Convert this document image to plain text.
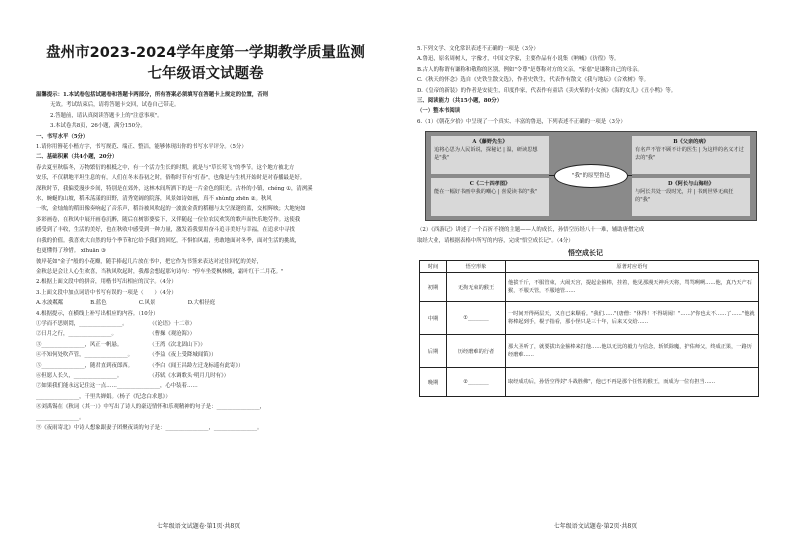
盘州市2023-2024学年度第一学期教学质量监测

七年级语文试题卷

温馨提示：1.本试卷包括试题卷和答题卡两部分，所有答案必须填写在答题卡上规定的位置，否则
无效。考试结束后，请将答题卡交回，试卷自己带走。
2.答题前，请认真阅读答题卡上的"注意事项"。
3.本试卷共8页，26小题，满分150分。
一、书写水平（5分）
1.请你用簪花小楷方字，书写规范、端正、整洁，能够体现出你的书写水平评分。（5分）
二、基础积累（共4小题，20分）
春去夏至秋临冬，万物繁衍的根柢之中，有一个活力生长的时期，就是与"草长莺飞"的季节。这个地方被北方
安乐，不仅耕地平坦生息的有，人们在冬末春初之时，俗称时节有"打春"，也像是与生机开始时是对春播最是好。
深秋时节，我偏爱漫步乡间，特别是在郊外，这林木间所洒下的是一片金色的阳光。古朴的小镇，chéng ①，清冽溪
水，蜿蜒的山坡，稻禾荡漾的田野，清秀宽阔的院落，风景如诗如画，真不 shùnfg zhēn ②。秋风
一吹，金灿灿的稻田像奏响起了音乐声，稻谷被风吹起的一波波金黄的稻穗与太空深邃的蓝，交相辉映；大地宛如
多彩画卷，在秋风中展开画卷沉醉，随后在树影婆娑下，又伴随起一位位农民欢笑的歌声而快乐地劳作。这使我
感受到了丰收，生活的美好，也在秋收中感受到一种力量，激发着我要用奋斗追寻美好与幸福，在追求中寻找
自我的价值。我喜欢大自然的每个季节和它给予我们的回忆，不惧怕风霜，勇敢地面对冬季，面对生活的挑战，
也更懂得了珍惜。 xīhuān ③
彼岸花如"金子"般的小花瓣，随手捧起几片放在书中，把它作为书签来表达对过往回忆的美好，
金秋总是会让人心生欢喜，当秋风吹起时，我都会想起那句诗句："停车坐爱枫林晚，霜叶红于二月花。"
2.根据上面文段中的拼音，用楷书写出相应的汉字。（4分）
3.上面文段中加点词语中书写有误的一项是（　　）（4分）
A.水波粼粼　　　　　B.蓝色　　　　　　C.风景　　　　　　D.大相径庭
4.根据提示，在横线上补写出相应的内容。（10分）
①学而不思则罔，________________。　　　　　（《论语》十二章）
②日月之行，________________。　　　　　　　（曹操《观沧海》）
③________________，风正一帆悬。　　　　　　（王湾《次北固山下》）
④不知何处吹芦管，________________。　　　　（李益《夜上受降城闻笛》）
⑤________________，随君直到夜郎西。　　　　（李白《闻王昌龄左迁龙标遥有此寄》）
⑥但愿人长久，________________。　　　　　　（苏轼《水调歌头·明月几时有》）
⑦如果我们能永远记住这一点……________________，心中装着……
________________，千里共婵娟。（杨子《纪念白求恩》）
⑧刘禹锡在《秋词（其一）》中写出了诗人的豪迈情怀和乐观精神的句子是：________________，
________________。
⑨《夜雨寄北》中诗人想象跟妻子团聚夜谈的句子是：________________，________________。
七年级语文试题卷·第1页·共8页
5.下列文学、文化常识表述不正确的一项是（3分）
A.鲁迅，原名周树人，字豫才，中国文学家，主要作品有小说集《呐喊》《彷徨》等。
B.古人的称谓有谦称和敬称的区别，例如"令尊"是尊称对方的父亲，"家慈"是谦称自己的母亲。
C.《秋天的怀念》选自《史铁生散文选》，作者史铁生，代表作有散文《我与地坛》《合欢树》等。
D.《皇帝的新装》的作者是安徒生，印度作家，代表作有童话《卖火柴的小女孩》《海的女儿》《丑小鸭》等。
三、阅读能力（共15小题，80分）
（一）整本书阅读
6.（1）《朝花夕拾》中呈现了一个真实、丰富的鲁迅，下列表述不正确的一项是（3分）
A《藤野先生》
追将心思为人民诉说，探秘记 | 温，研读思想是"我"
B《父亲的病》
有名声不管不顾不计的医生 | 为这样的名义才过去的"我"
C《二十四孝图》
能在一幅好书画中我的嘲心 | 喜爱读书的"我"
D《阿长与山海经》
与阿长共处一段时光，并 | 书到世界无疯狂的"我"
"我"的原型鲁迅
（2）《西游记》讲述了一个百折不挠的主题——人的成长，孙悟空历经八十一难，辅助唐僧完成
取经大业，请根据表格中所写的内容，完成"悟空成长记"。（4分）
悟空成长记
时间	悟空形象	原著对应语句
初期	无拘无束的猴王	他拔千斤，不服管束，大闹天宫，提起金箍棒，挂着，他见那漫天神兵天将，骂骂咧咧……他，真乃天产石猴，不服天管，不服地管……
中期	①________	一时间开得两层天，又自已来顺看。"我们……"(唐僧："休得！不得胡闹！"……)"你也太不……了……"他就将棒起到手，棍子指看，那小怪只是三十年，后来又交给……
后期	历经磨难的行者	那大圣听了，就要拔出金箍棒来打他……他以无比的毅力与信念，斩妖除魔，护佑师父，终成正果，一路历经磨难……
晚期	②________	取经成功后，孙悟空得封"斗战胜佛"，他已不再是那个任性的猴王，而成为一位有担当……
七年级语文试题卷·第2页·共8页
